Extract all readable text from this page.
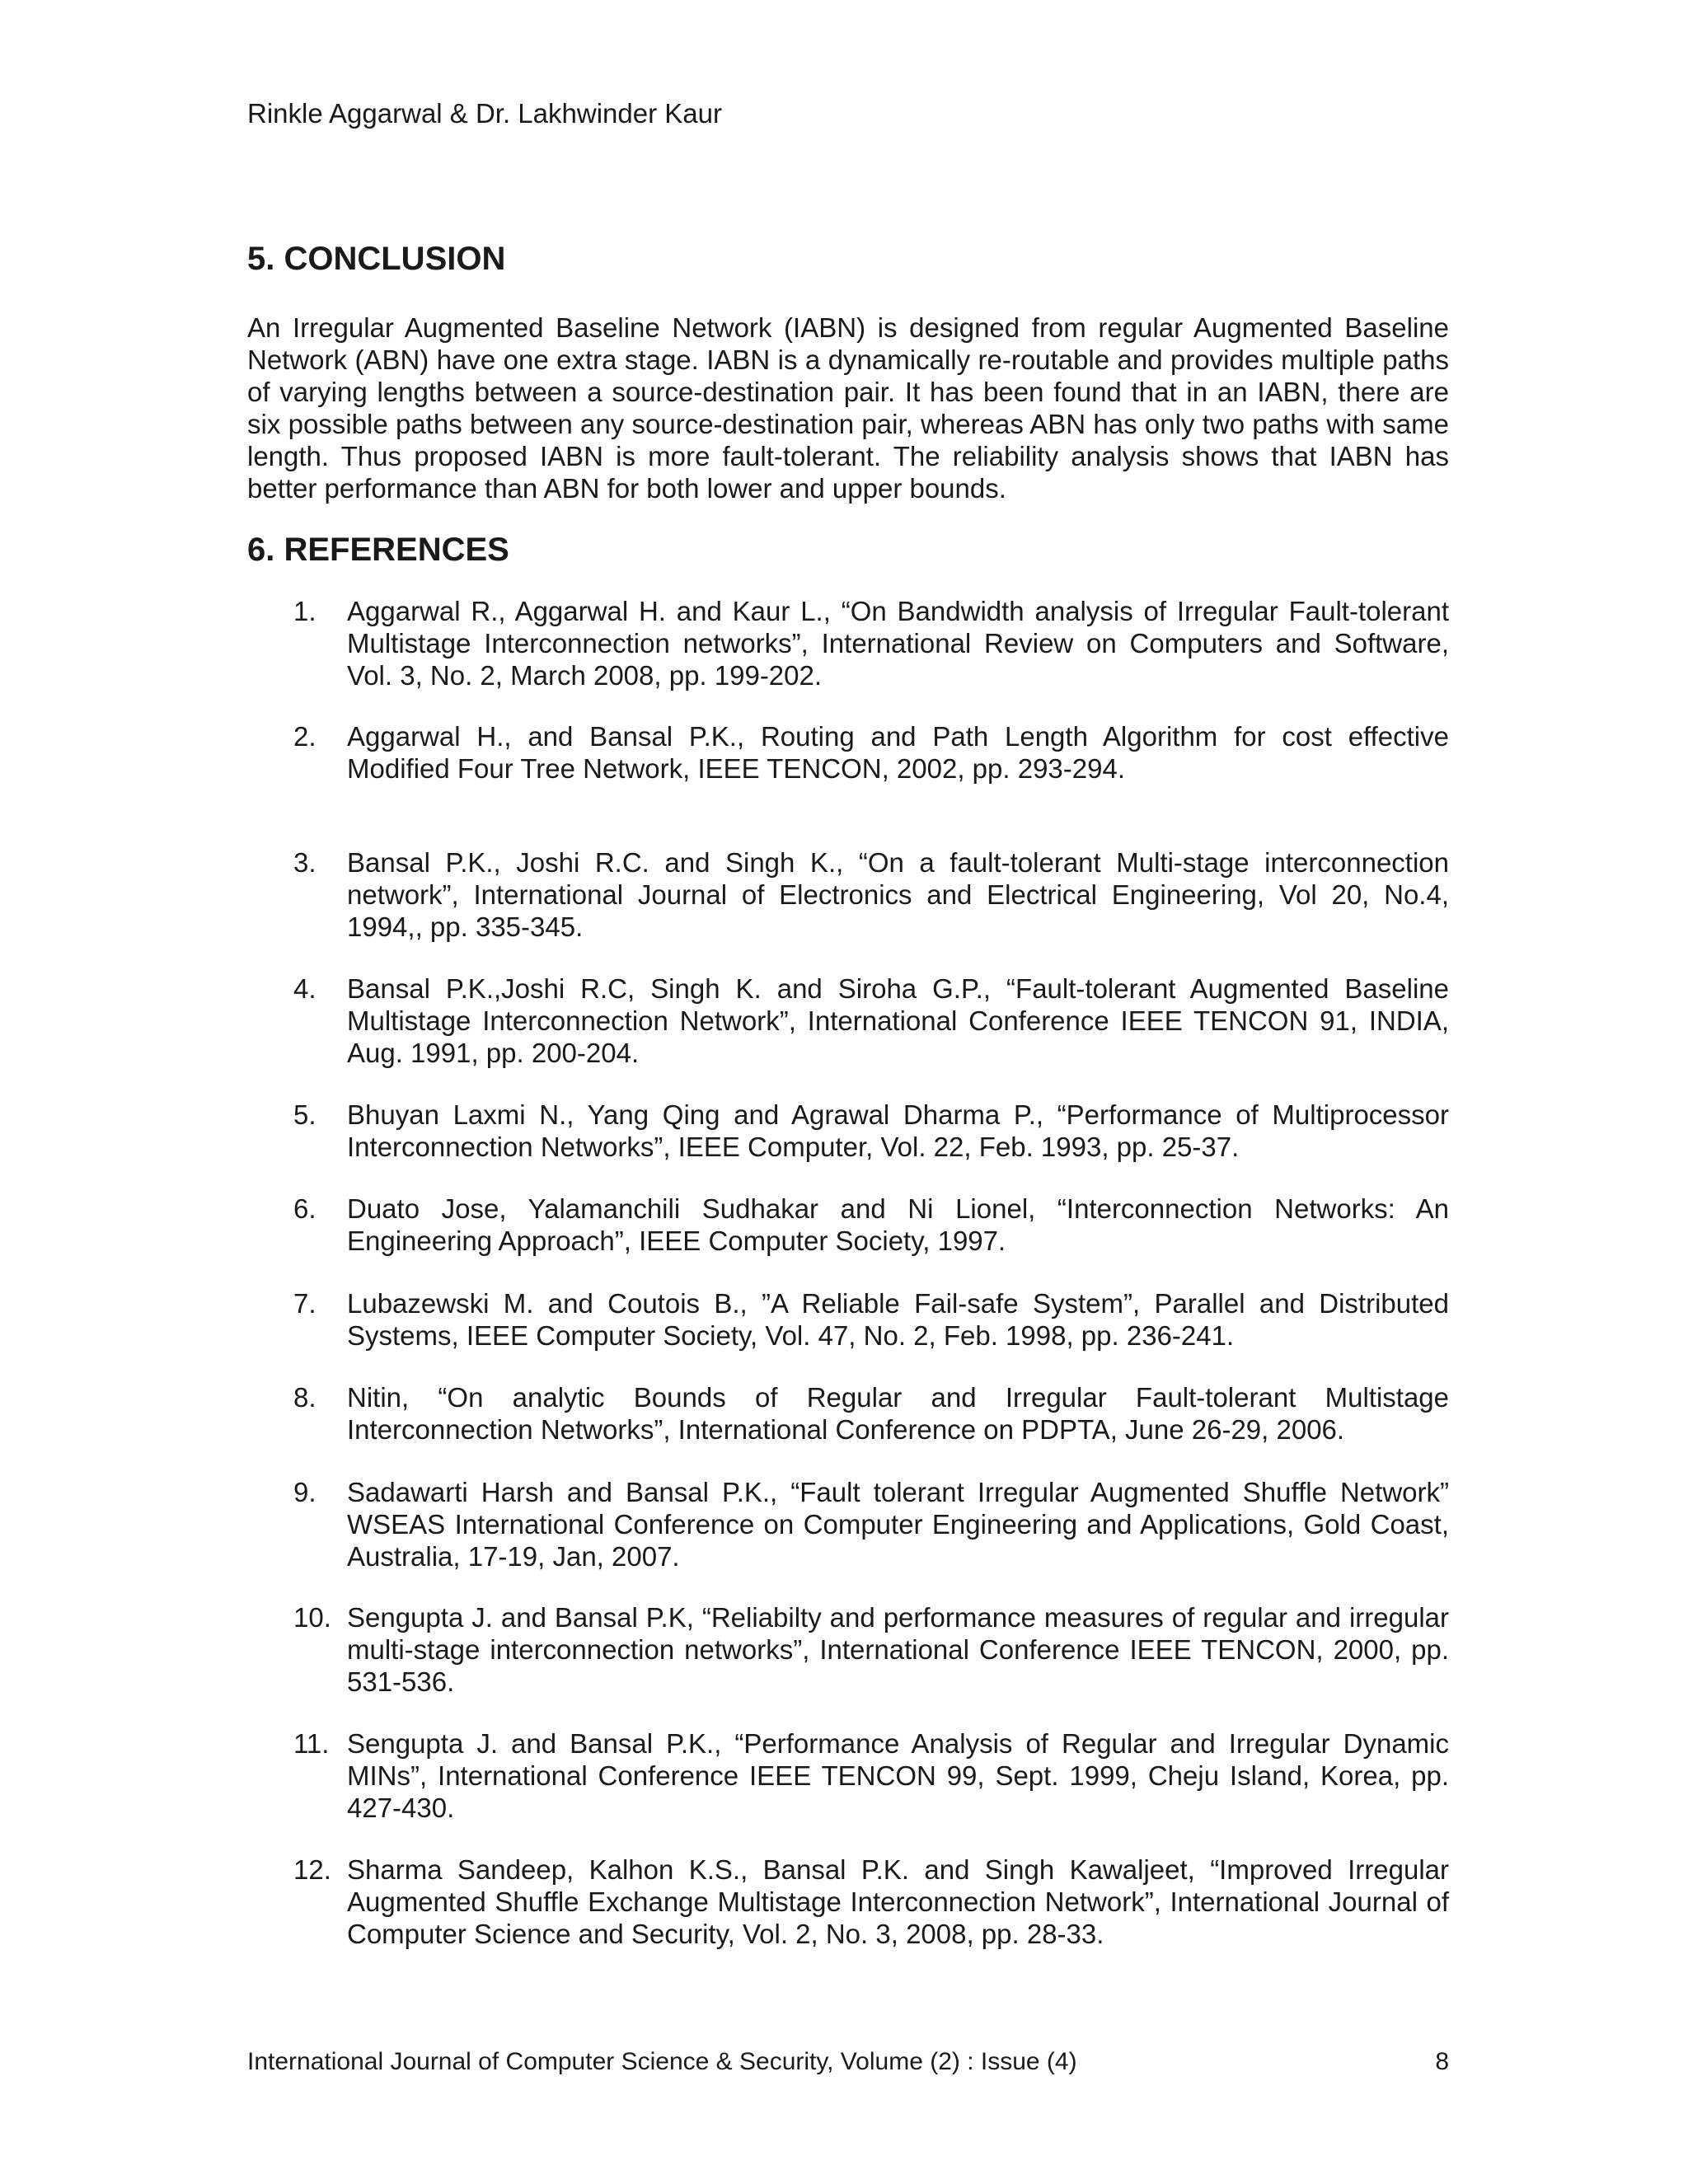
Rinkle Aggarwal & Dr. Lakhwinder Kaur
5. CONCLUSION
An Irregular Augmented Baseline Network (IABN) is designed from regular Augmented Baseline Network (ABN) have one extra stage. IABN is a dynamically re-routable and provides multiple paths of varying lengths between a source-destination pair. It has been found that in an IABN, there are six possible paths between any source-destination pair, whereas ABN has only two paths with same length. Thus proposed IABN is more fault-tolerant. The reliability analysis shows that IABN has better performance than ABN for both lower and upper bounds.
6. REFERENCES
1.	Aggarwal R., Aggarwal H. and Kaur L., “On Bandwidth analysis of Irregular Fault-tolerant Multistage Interconnection networks”, International Review on Computers and Software, Vol. 3, No. 2, March 2008, pp. 199-202.
2.	Aggarwal H., and Bansal P.K., Routing and Path Length Algorithm for cost effective Modified Four Tree Network, IEEE TENCON, 2002, pp. 293-294.
3.	Bansal P.K., Joshi R.C. and Singh K., “On a fault-tolerant Multi-stage interconnection network”, International Journal of Electronics and Electrical Engineering, Vol 20, No.4, 1994,, pp. 335-345.
4.	Bansal P.K.,Joshi R.C, Singh K. and Siroha G.P., “Fault-tolerant Augmented Baseline Multistage Interconnection Network”, International Conference IEEE TENCON 91, INDIA, Aug. 1991, pp. 200-204.
5.	Bhuyan Laxmi N., Yang Qing and Agrawal Dharma P., “Performance of Multiprocessor Interconnection Networks”, IEEE Computer, Vol. 22, Feb. 1993, pp. 25-37.
6.	Duato Jose, Yalamanchili Sudhakar and Ni Lionel, “Interconnection Networks: An Engineering Approach”, IEEE Computer Society, 1997.
7.	Lubazewski M. and Coutois B., ”A Reliable Fail-safe System”, Parallel and Distributed Systems, IEEE Computer Society, Vol. 47, No. 2, Feb. 1998, pp. 236-241.
8.	Nitin, “On analytic Bounds of Regular and Irregular Fault-tolerant Multistage Interconnection Networks”, International Conference on PDPTA, June 26-29, 2006.
9.	Sadawarti Harsh and Bansal P.K., “Fault tolerant Irregular Augmented Shuffle Network” WSEAS International Conference on Computer Engineering and Applications, Gold Coast, Australia, 17-19, Jan, 2007.
10. Sengupta J. and Bansal P.K, “Reliabilty and performance measures of regular and irregular multi-stage interconnection networks”, International Conference IEEE TENCON, 2000, pp. 531-536.
11. Sengupta J. and Bansal P.K., “Performance Analysis of Regular and Irregular Dynamic MINs”, International Conference IEEE TENCON 99, Sept. 1999, Cheju Island, Korea, pp. 427-430.
12. Sharma Sandeep, Kalhon K.S., Bansal P.K. and Singh Kawaljeet, “Improved Irregular Augmented Shuffle Exchange Multistage Interconnection Network”, International Journal of Computer Science and Security, Vol. 2, No. 3, 2008, pp. 28-33.
International Journal of Computer Science & Security, Volume (2) : Issue (4)	8
